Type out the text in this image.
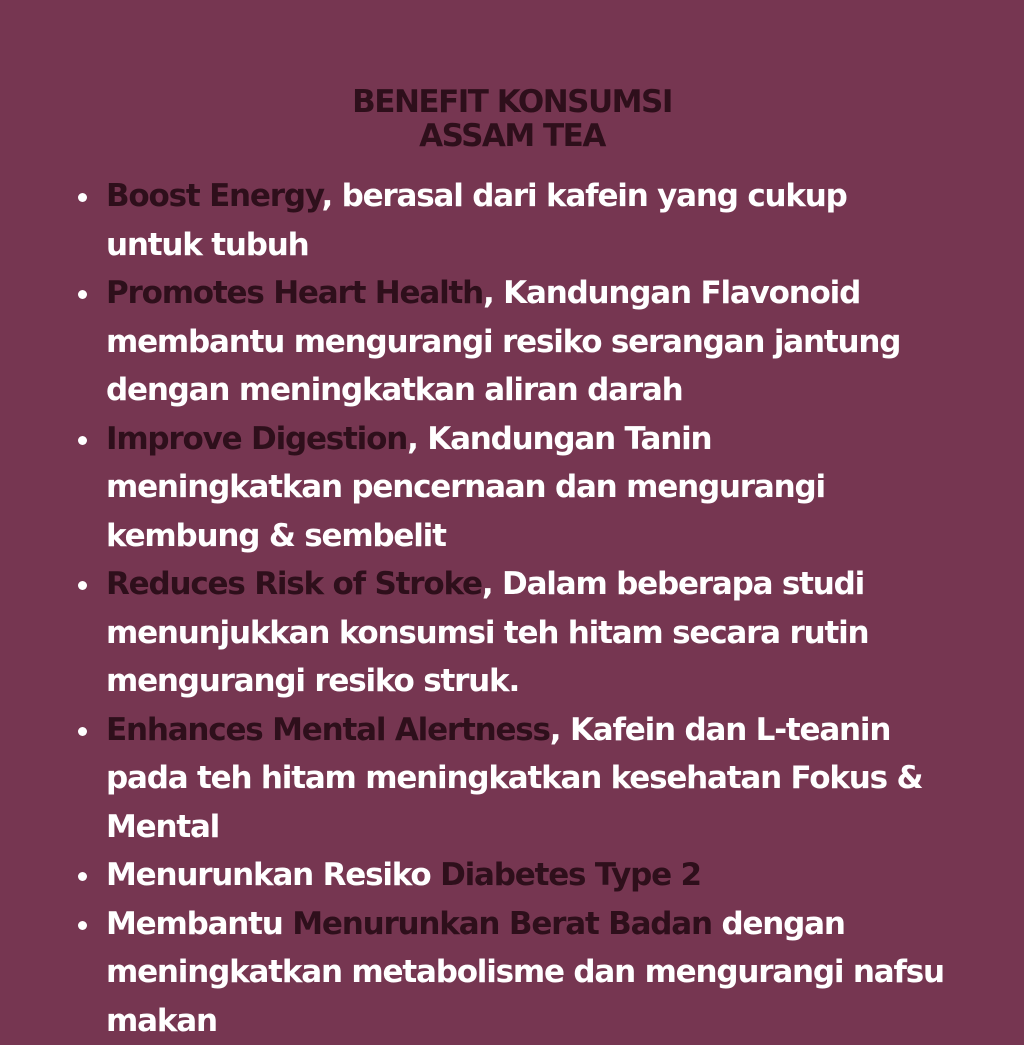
BENEFIT KONSUMSI
ASSAM TEA
Boost Energy, berasal dari kafein yang cukup untuk tubuh
Promotes Heart Health, Kandungan Flavonoid membantu mengurangi resiko serangan jantung dengan meningkatkan aliran darah
Improve Digestion, Kandungan Tanin meningkatkan pencernaan dan mengurangi kembung & sembelit
Reduces Risk of Stroke, Dalam beberapa studi menunjukkan konsumsi teh hitam secara rutin mengurangi resiko struk.
Enhances Mental Alertness, Kafein dan L-teanin pada teh hitam meningkatkan kesehatan Fokus & Mental
Menurunkan Resiko Diabetes Type 2
Membantu Menurunkan Berat Badan dengan meningkatkan metabolisme dan mengurangi nafsu makan
